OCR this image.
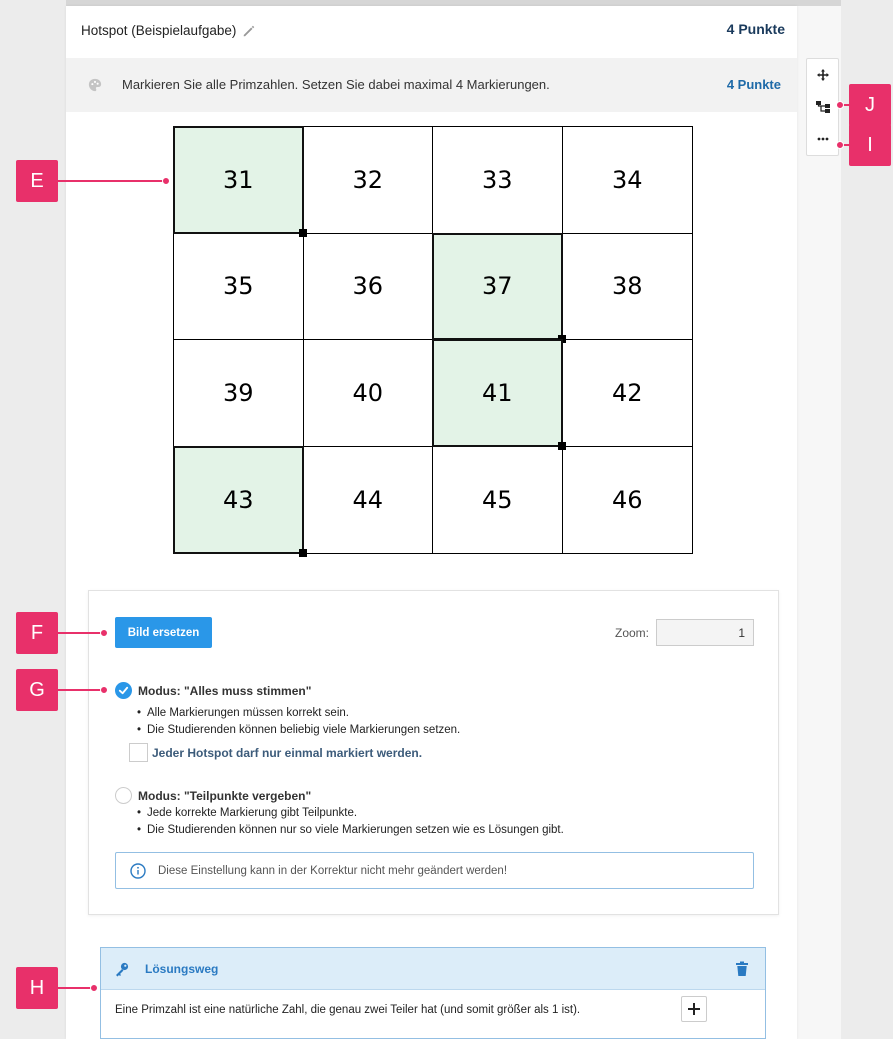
Hotspot (Beispielaufgabe)	4 Punkte
Markieren Sie alle Primzahlen. Setzen Sie dabei maximal 4 Markierungen.	4 Punkte
31	32	33	34
35	36	37	38
39	40	41	42
43	44	45	46
Bild ersetzen	Zoom:
1
Modus: "Alles muss stimmen"
• Alle Markierungen müssen korrekt sein.
• Die Studierenden können beliebig viele Markierungen setzen.
Jeder Hotspot darf nur einmal markiert werden.
Modus: "Teilpunkte vergeben"
• Jede korrekte Markierung gibt Teilpunkte.
• Die Studierenden können nur so viele Markierungen setzen wie es Lösungen gibt.
Diese Einstellung kann in der Korrektur nicht mehr geändert werden!
Lösungsweg
Eine Primzahl ist eine natürliche Zahl, die genau zwei Teiler hat (und somit größer als 1 ist).
E
F
G
H
J
I
